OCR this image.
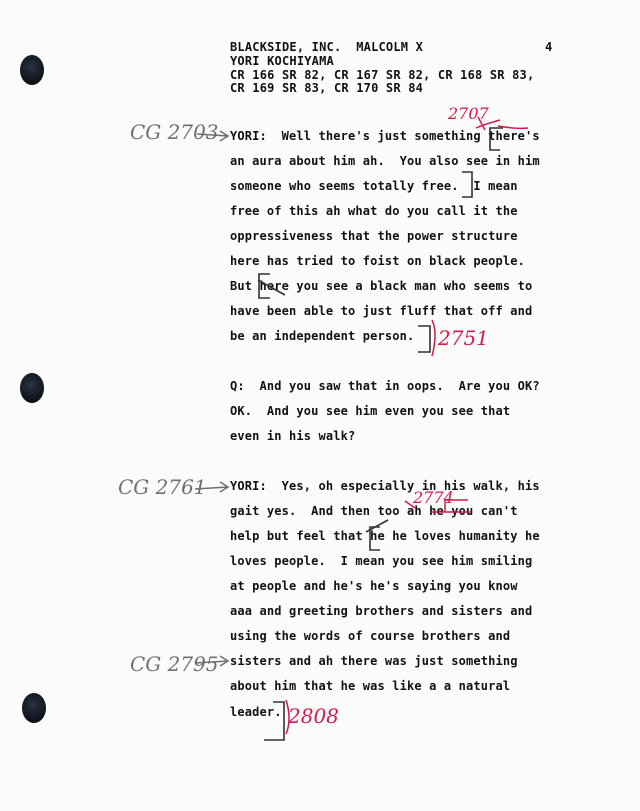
BLACKSIDE, INC.  MALCOLM X	4
YORI KOCHIYAMA
CR 166 SR 82, CR 167 SR 82, CR 168 SR 83,
CR 169 SR 83, CR 170 SR 84
YORI:  Well there's just something there's
an aura about him ah.  You also see in him
someone who seems totally free.  I mean
free of this ah what do you call it the
oppressiveness that the power structure
here has tried to foist on black people.
But here you see a black man who seems to
have been able to just fluff that off and
be an independent person.
Q:  And you saw that in oops.  Are you OK?
OK.  And you see him even you see that
even in his walk?
YORI:  Yes, oh especially in his walk, his
gait yes.  And then too ah he you can't
help but feel that he he loves humanity he
loves people.  I mean you see him smiling
at people and he's he's saying you know
aaa and greeting brothers and sisters and
using the words of course brothers and
sisters and ah there was just something
about him that he was like a a natural
leader.
CG 2703
CG 2761
CG 2795
2707
2751
2774
2808
